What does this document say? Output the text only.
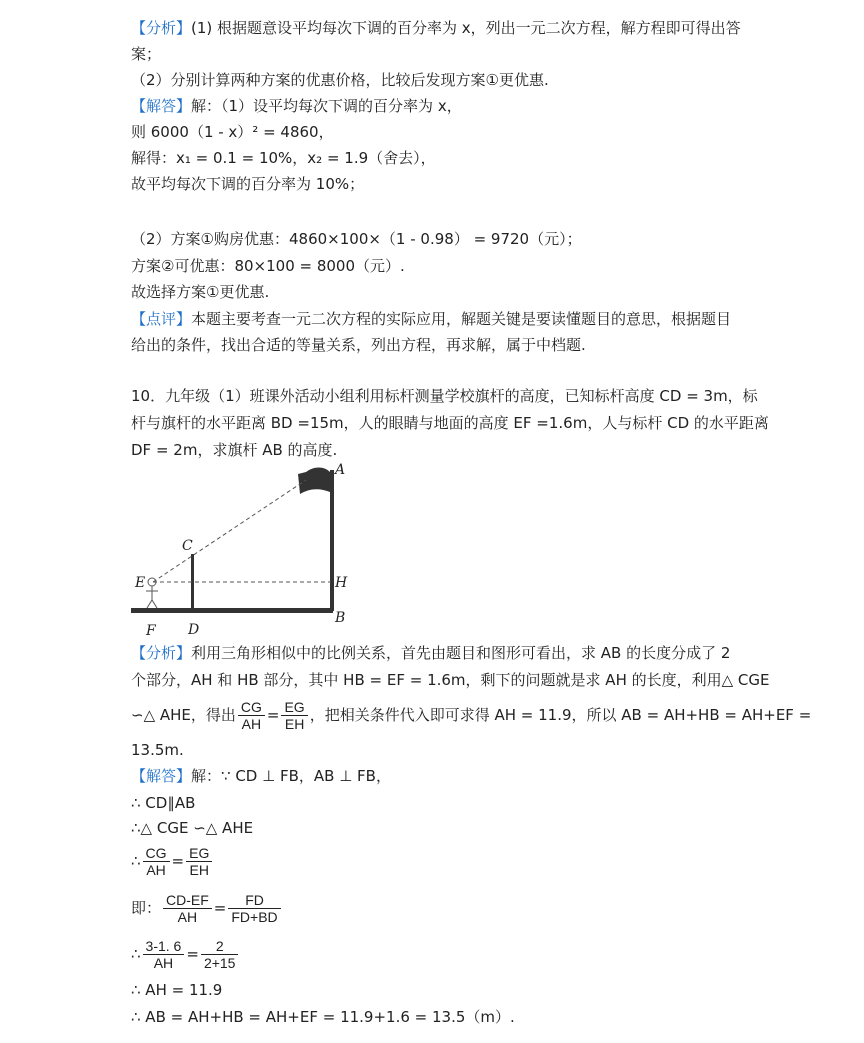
【分析】(1) 根据题意设平均每次下调的百分率为 x，列出一元二次方程，解方程即可得出答
案；
（2）分别计算两种方案的优惠价格，比较后发现方案①更优惠.
【解答】解：（1）设平均每次下调的百分率为 x，
则 6000（1 - x）² = 4860，
解得：x₁ = 0.1 = 10%，x₂ = 1.9（舍去），
故平均每次下调的百分率为 10%；
（2）方案①购房优惠：4860×100×（1 - 0.98） = 9720（元）；
方案②可优惠：80×100 = 8000（元）.
故选择方案①更优惠.
【点评】本题主要考查一元二次方程的实际应用，解题关键是要读懂题目的意思，根据题目
给出的条件，找出合适的等量关系，列出方程，再求解，属于中档题.
10．九年级（1）班课外活动小组利用标杆测量学校旗杆的高度，已知标杆高度 CD = 3m，标
杆与旗杆的水平距离 BD =15m，人的眼睛与地面的高度 EF =1.6m，人与标杆 CD 的水平距离
DF = 2m，求旗杆 AB 的高度.
A
B
C
D
E
F
H
【分析】利用三角形相似中的比例关系，首先由题目和图形可看出，求 AB 的长度分成了 2
个部分，AH 和 HB 部分，其中 HB = EF = 1.6m，剩下的问题就是求 AH 的长度，利用△ CGE
∽△ AHE，得出 $\frac{CG}{AH} = \frac{EG}{EH}$ ，把相关条件代入即可求得 AH = 11.9，所以 AB = AH+HB = AH+EF =
13.5m.
【解答】解：∵ CD ⊥ FB，AB ⊥ FB，
∴ CD∥AB
∴△ CGE ∽△ AHE
∴ $\frac{CG}{AH} = \frac{EG}{EH}$
即： $\frac{CD-EF}{AH} = \frac{FD}{FD+BD}$
∴ $\frac{3-1. 6}{AH} = \frac{2}{2+15}$
∴ AH = 11.9
∴ AB = AH+HB = AH+EF = 11.9+1.6 = 13.5（m）.
